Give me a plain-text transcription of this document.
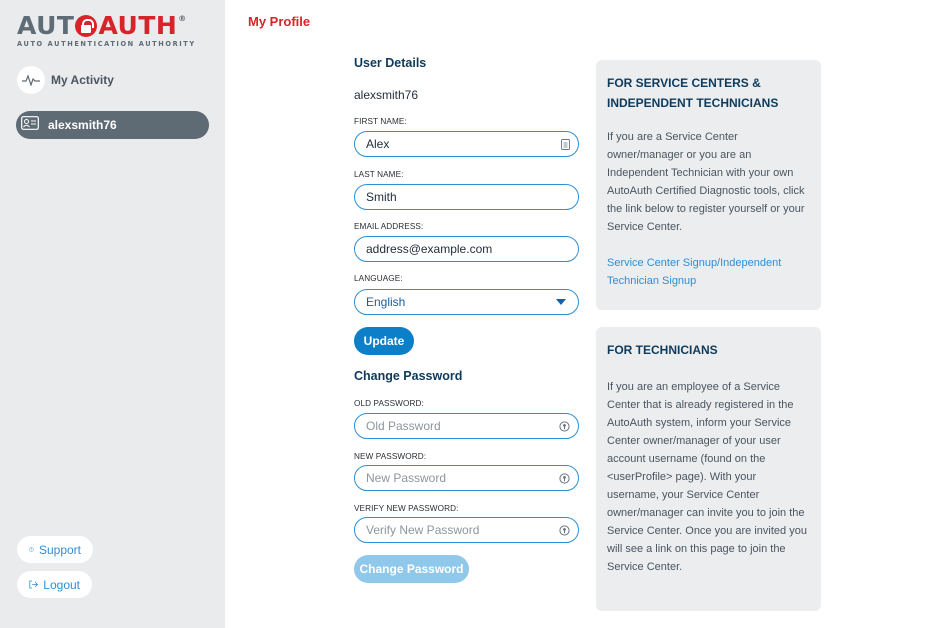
AUT AUTH ®
AUTO AUTHENTICATION AUTHORITY
My Activity
alexsmith76
? Support
Logout
My Profile
User Details
alexsmith76
FIRST NAME:
Alex
LAST NAME:
Smith
EMAIL ADDRESS:
address@example.com
LANGUAGE:
English
Update
Change Password
OLD PASSWORD:
Old Password
NEW PASSWORD:
New Password
VERIFY NEW PASSWORD:
Verify New Password
Change Password
FOR SERVICE CENTERS & INDEPENDENT TECHNICIANS

If you are a Service Center owner/manager or you are an Independent Technician with your own AutoAuth Certified Diagnostic tools, click the link below to register yourself or your Service Center.

Service Center Signup/Independent Technician Signup
FOR TECHNICIANS

If you are an employee of a Service Center that is already registered in the AutoAuth system, inform your Service Center owner/manager of your user account username (found on the <userProfile> page). With your username, your Service Center owner/manager can invite you to join the Service Center. Once you are invited you will see a link on this page to join the Service Center.
